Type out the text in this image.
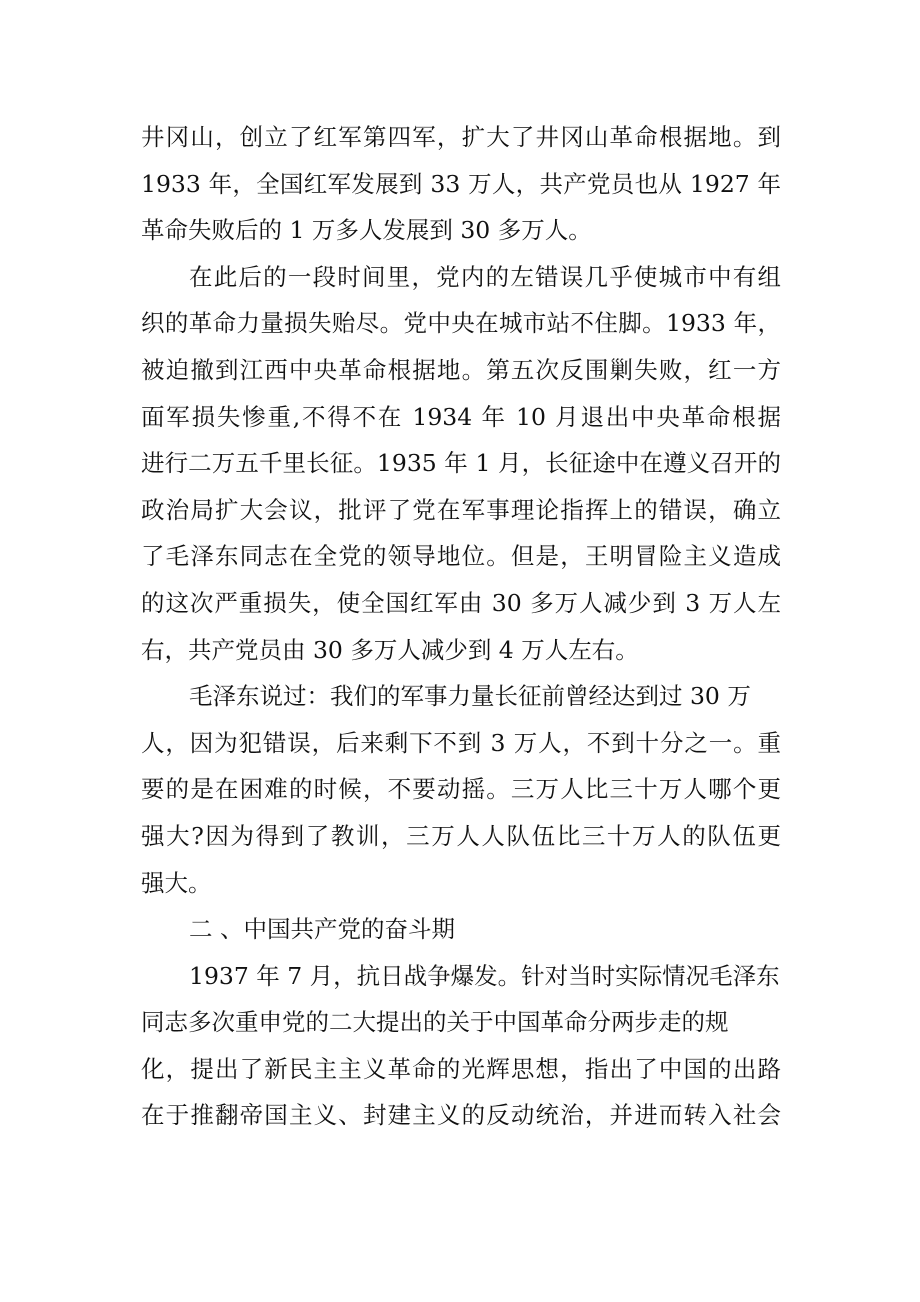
井冈山，创立了红军第四军，扩大了井冈山革命根据地。到
1933 年，全国红军发展到 33 万人，共产党员也从 1927 年
革命失败后的 1 万多人发展到 30 多万人。
在此后的一段时间里，党内的左错误几乎使城市中有组
织的革命力量损失贻尽。党中央在城市站不住脚。1933 年，
被迫撤到江西中央革命根据地。第五次反围剿失败，红一方
面军损失惨重,不得不在 1934 年 10 月退出中央革命根据
进行二万五千里长征。1935 年 1 月，长征途中在遵义召开的
政治局扩大会议，批评了党在军事理论指挥上的错误，确立
了毛泽东同志在全党的领导地位。但是，王明冒险主义造成
的这次严重损失，使全国红军由 30 多万人减少到 3 万人左
右，共产党员由 30 多万人减少到 4 万人左右。
毛泽东说过：我们的军事力量长征前曾经达到过 30 万
人，因为犯错误，后来剩下不到 3 万人，不到十分之一。重
要的是在困难的时候，不要动摇。三万人比三十万人哪个更
强大?因为得到了教训，三万人人队伍比三十万人的队伍更
强大。
二 、中国共产党的奋斗期
1937 年 7 月，抗日战争爆发。针对当时实际情况毛泽东
同志多次重申党的二大提出的关于中国革命分两步走的规
化，提出了新民主主义革命的光辉思想，指出了中国的出路
在于推翻帝国主义、封建主义的反动统治，并进而转入社会
